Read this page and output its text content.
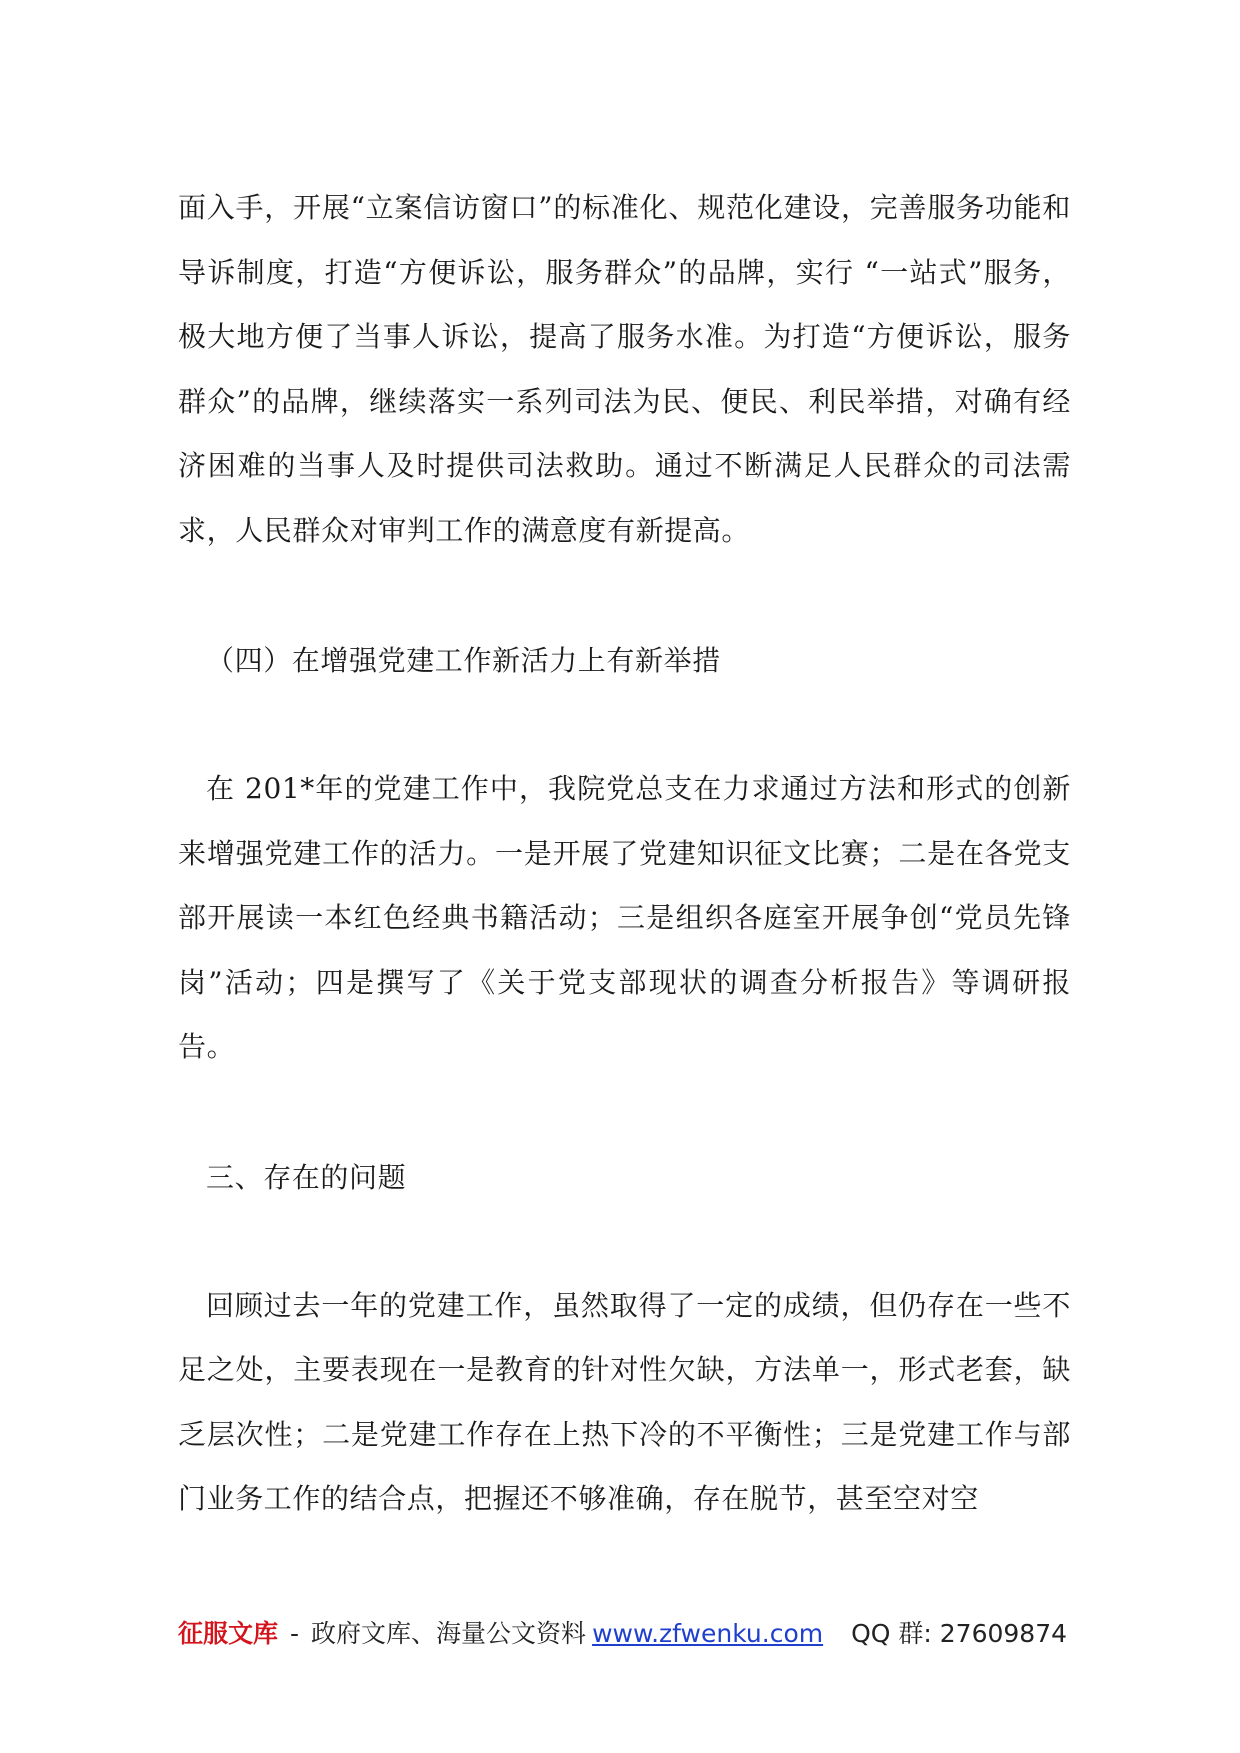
面入手，开展“立案信访窗口”的标准化、规范化建设，完善服务功能和导诉制度，打造“方便诉讼，服务群众”的品牌，实行 “一站式”服务，极大地方便了当事人诉讼，提高了服务水准。为打造“方便诉讼，服务群众”的品牌，继续落实一系列司法为民、便民、利民举措，对确有经济困难的当事人及时提供司法救助。通过不断满足人民群众的司法需求，人民群众对审判工作的满意度有新提高。

（四）在增强党建工作新活力上有新举措

在 201*年的党建工作中，我院党总支在力求通过方法和形式的创新来增强党建工作的活力。一是开展了党建知识征文比赛；二是在各党支部开展读一本红色经典书籍活动；三是组织各庭室开展争创“党员先锋岗”活动；四是撰写了《关于党支部现状的调查分析报告》等调研报告。

三、存在的问题

回顾过去一年的党建工作，虽然取得了一定的成绩，但仍存在一些不足之处，主要表现在一是教育的针对性欠缺，方法单一，形式老套，缺乏层次性；二是党建工作存在上热下冷的不平衡性；三是党建工作与部门业务工作的结合点，把握还不够准确，存在脱节，甚至空对空

征服文库 - 政府文库、海量公文资料 www.zfwenku.com	QQ 群: 27609874
